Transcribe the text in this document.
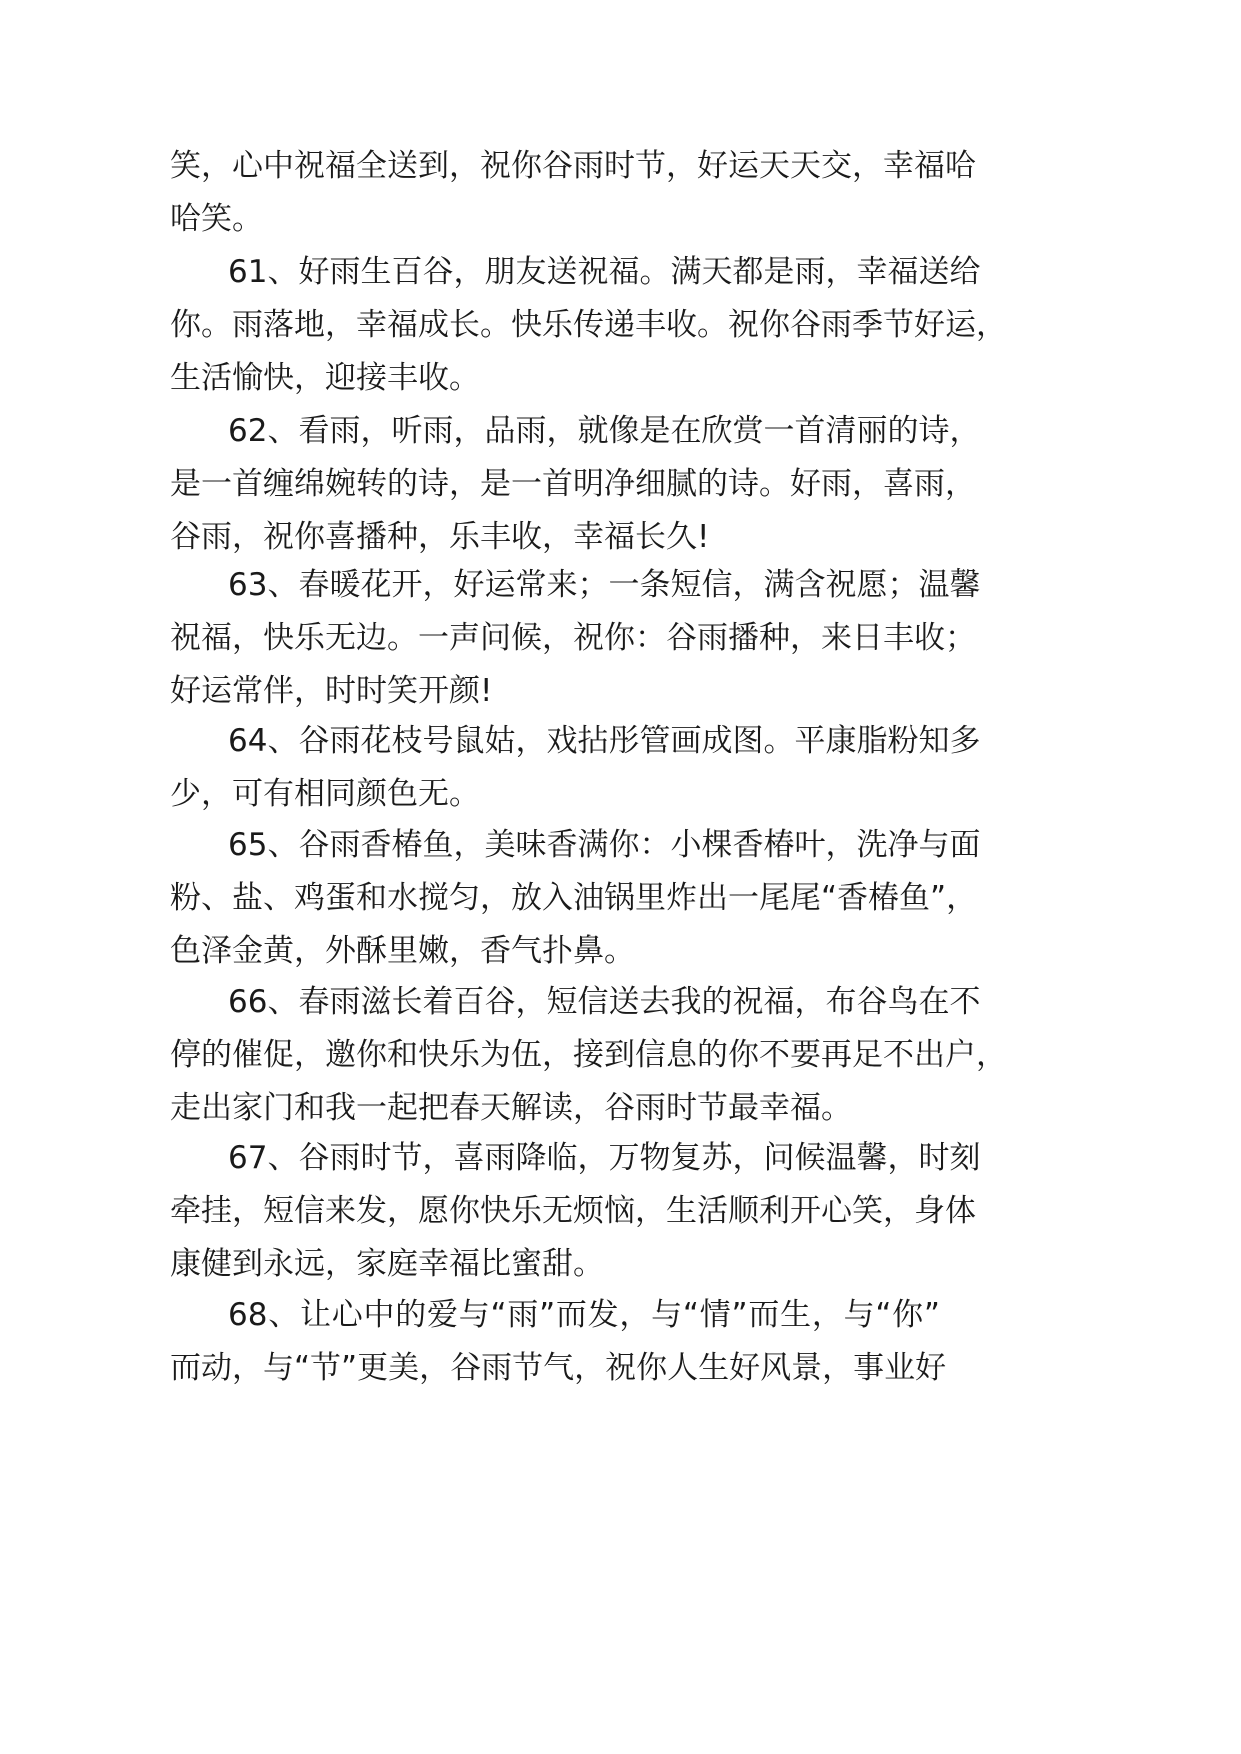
笑，心中祝福全送到，祝你谷雨时节，好运天天交，幸福哈
哈笑。
61、好雨生百谷，朋友送祝福。满天都是雨，幸福送给
你。雨落地，幸福成长。快乐传递丰收。祝你谷雨季节好运，
生活愉快，迎接丰收。
62、看雨，听雨，品雨，就像是在欣赏一首清丽的诗，
是一首缠绵婉转的诗，是一首明净细腻的诗。好雨，喜雨，
谷雨，祝你喜播种，乐丰收，幸福长久!
63、春暖花开，好运常来；一条短信，满含祝愿；温馨
祝福，快乐无边。一声问候，祝你：谷雨播种，来日丰收；
好运常伴，时时笑开颜!
64、谷雨花枝号鼠姑，戏拈彤管画成图。平康脂粉知多
少，可有相同颜色无。
65、谷雨香椿鱼，美味香满你：小棵香椿叶，洗净与面
粉、盐、鸡蛋和水搅匀，放入油锅里炸出一尾尾“香椿鱼”，
色泽金黄，外酥里嫩，香气扑鼻。
66、春雨滋长着百谷，短信送去我的祝福，布谷鸟在不
停的催促，邀你和快乐为伍，接到信息的你不要再足不出户，
走出家门和我一起把春天解读，谷雨时节最幸福。
67、谷雨时节，喜雨降临，万物复苏，问候温馨，时刻
牵挂，短信来发，愿你快乐无烦恼，生活顺利开心笑，身体
康健到永远，家庭幸福比蜜甜。
68、让心中的爱与“雨”而发，与“情”而生，与“你”
而动，与“节”更美，谷雨节气，祝你人生好风景，事业好
